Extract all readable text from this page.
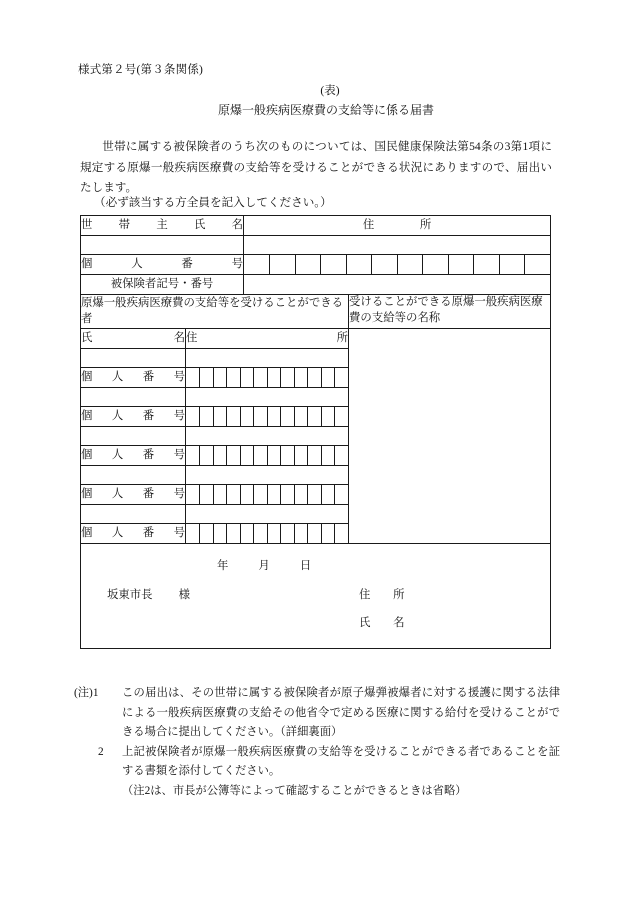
様式第２号(第３条関係)
(表)
原爆一般疾病医療費の支給等に係る届書
世帯に属する被保険者のうち次のものについては、国民健康保険法第54条の3第1項に規定する原爆一般疾病医療費の支給等を受けることができる状況にありますので、届出いたします。
（必ず該当する方全員を記入してください。）
世帯主氏名	住　　　　所

個人番号	

被保険者記号・番号	
原爆一般疾病医療費の支給等を受けることができる者	受けることができる原爆一般疾病医療費の支給等の名称
氏　　　　名	住　　　　所	

個人番号	

個人番号	

個人番号	

個人番号	

個人番号	

年	月	日
坂東市長 様	住　　所
氏　　名
(注)1 この届出は、その世帯に属する被保険者が原子爆弾被爆者に対する援護に関する法律による一般疾病医療費の支給その他省令で定める医療に関する給付を受けることができる場合に提出してください。（詳細裏面）
2 上記被保険者が原爆一般疾病医療費の支給等を受けることができる者であることを証する書類を添付してください。
（注2は、市長が公簿等によって確認することができるときは省略）
